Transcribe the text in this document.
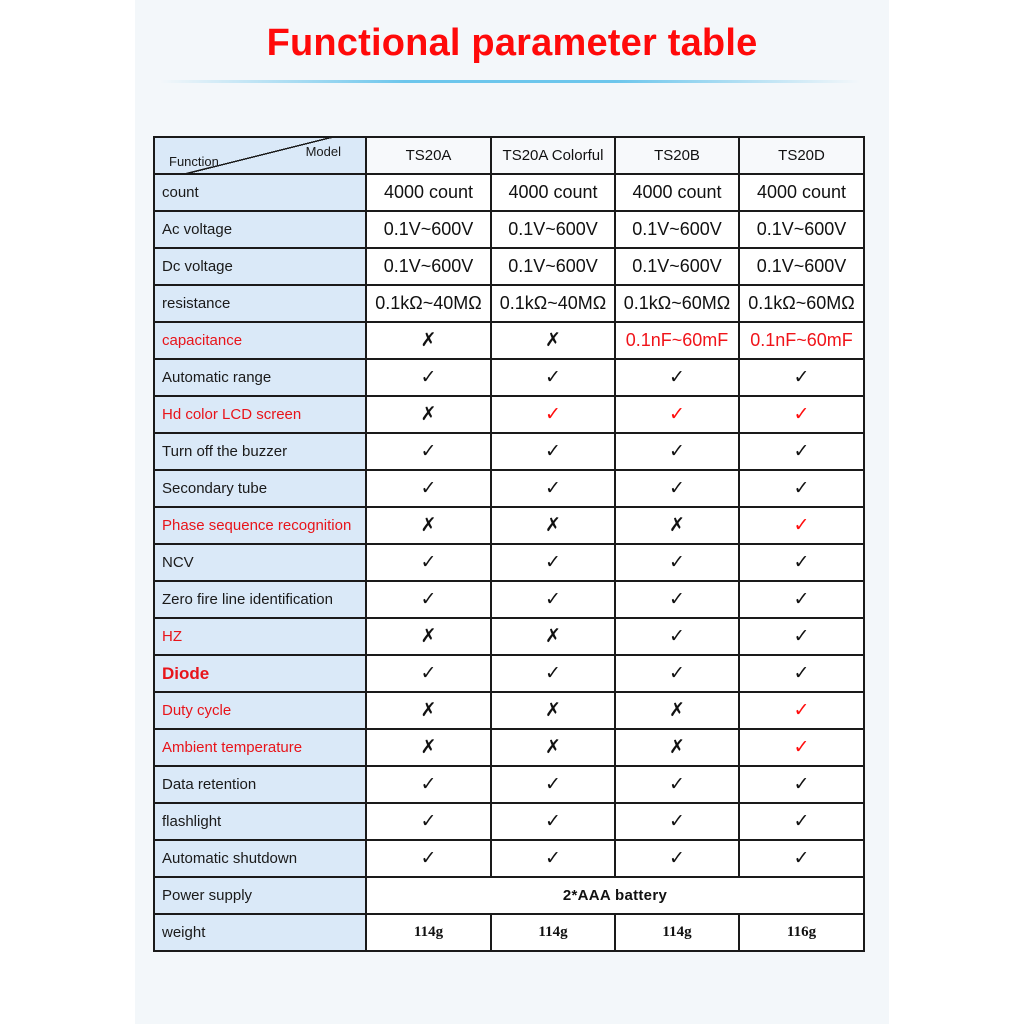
Functional parameter table
Model
Function	TS20A	TS20A Colorful	TS20B	TS20D
count	4000 count	4000 count	4000 count	4000 count
Ac voltage	0.1V~600V	0.1V~600V	0.1V~600V	0.1V~600V
Dc voltage	0.1V~600V	0.1V~600V	0.1V~600V	0.1V~600V
resistance	0.1kΩ~40MΩ	0.1kΩ~40MΩ	0.1kΩ~60MΩ	0.1kΩ~60MΩ
capacitance	✗	✗	0.1nF~60mF	0.1nF~60mF
Automatic range	✓	✓	✓	✓
Hd color LCD screen	✗	✓	✓	✓
Turn off the buzzer	✓	✓	✓	✓
Secondary tube	✓	✓	✓	✓
Phase sequence recognition	✗	✗	✗	✓
NCV	✓	✓	✓	✓
Zero fire line identification	✓	✓	✓	✓
HZ	✗	✗	✓	✓
Diode	✓	✓	✓	✓
Duty cycle	✗	✗	✗	✓
Ambient temperature	✗	✗	✗	✓
Data retention	✓	✓	✓	✓
flashlight	✓	✓	✓	✓
Automatic shutdown	✓	✓	✓	✓
Power supply	2*AAA battery			
weight	114g	114g	114g	116g
